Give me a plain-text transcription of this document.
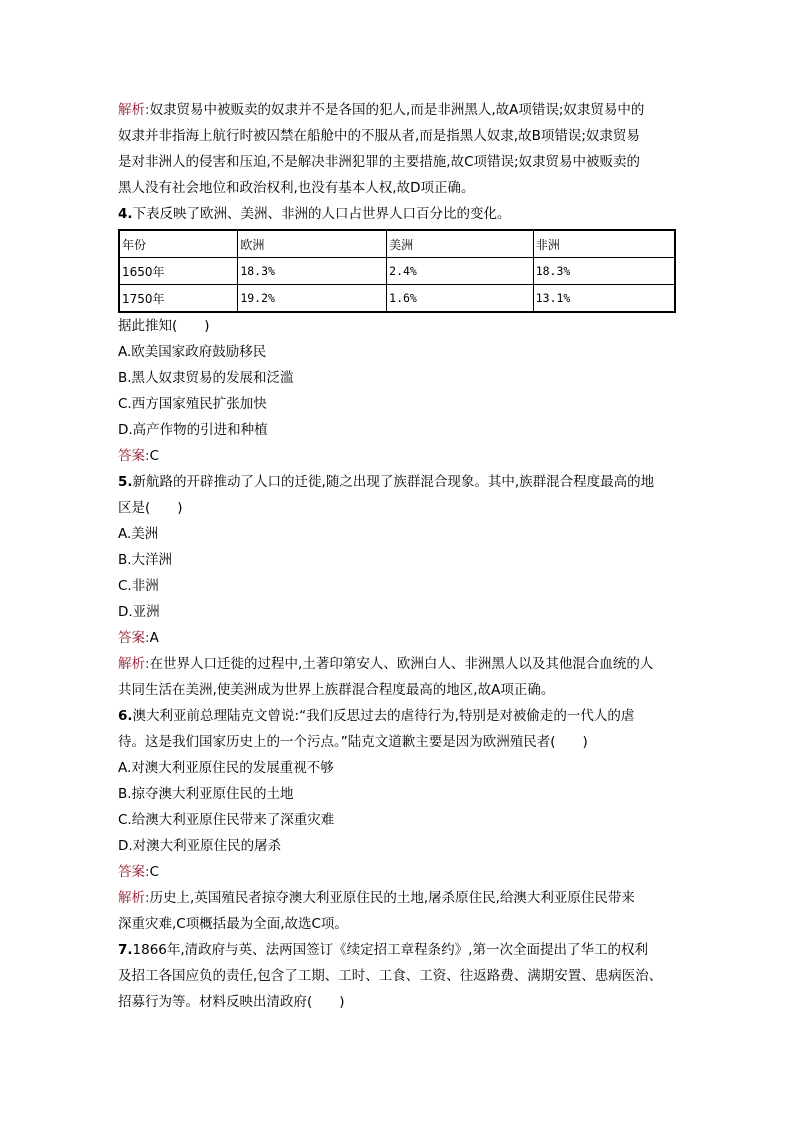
解析:奴隶贸易中被贩卖的奴隶并不是各国的犯人,而是非洲黑人,故A项错误;奴隶贸易中的
奴隶并非指海上航行时被囚禁在船舱中的不服从者,而是指黑人奴隶,故B项错误;奴隶贸易
是对非洲人的侵害和压迫,不是解决非洲犯罪的主要措施,故C项错误;奴隶贸易中被贩卖的
黑人没有社会地位和政治权利,也没有基本人权,故D项正确。
4.下表反映了欧洲、美洲、非洲的人口占世界人口百分比的变化。
年份	欧洲	美洲	非洲
1650年	18.3%	2.4%	18.3%
1750年	19.2%	1.6%	13.1%
据此推知(　　)
A.欧美国家政府鼓励移民
B.黑人奴隶贸易的发展和泛滥
C.西方国家殖民扩张加快
D.高产作物的引进和种植
答案:C
5.新航路的开辟推动了人口的迁徙,随之出现了族群混合现象。其中,族群混合程度最高的地
区是(　　)
A.美洲
B.大洋洲
C.非洲
D.亚洲
答案:A
解析:在世界人口迁徙的过程中,土著印第安人、欧洲白人、非洲黑人以及其他混合血统的人
共同生活在美洲,使美洲成为世界上族群混合程度最高的地区,故A项正确。
6.澳大利亚前总理陆克文曾说:“我们反思过去的虐待行为,特别是对被偷走的一代人的虐
待。这是我们国家历史上的一个污点。”陆克文道歉主要是因为欧洲殖民者(　　)
A.对澳大利亚原住民的发展重视不够
B.掠夺澳大利亚原住民的土地
C.给澳大利亚原住民带来了深重灾难
D.对澳大利亚原住民的屠杀
答案:C
解析:历史上,英国殖民者掠夺澳大利亚原住民的土地,屠杀原住民,给澳大利亚原住民带来
深重灾难,C项概括最为全面,故选C项。
7.1866年,清政府与英、法两国签订《续定招工章程条约》,第一次全面提出了华工的权利
及招工各国应负的责任,包含了工期、工时、工食、工资、往返路费、满期安置、患病医治、
招募行为等。材料反映出清政府(　　)
